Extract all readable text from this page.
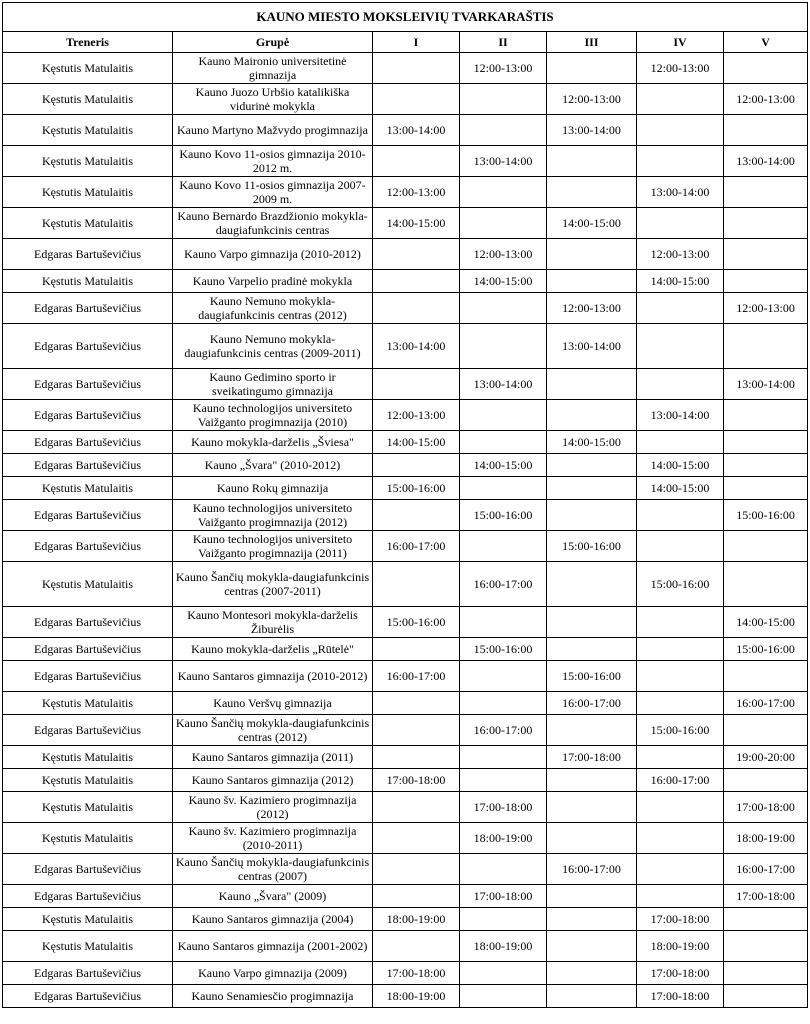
KAUNO MIESTO MOKSLEIVIŲ TVARKARAŠTIS						
Treneris	Grupė	I	II	III	IV	V
Kęstutis Matulaitis	Kauno Maironio universitetinė gimnazija		12:00-13:00		12:00-13:00	
Kęstutis Matulaitis	Kauno Juozo Urbšio katalikiška vidurinė mokykla			12:00-13:00		12:00-13:00
Kęstutis Matulaitis	Kauno Martyno Mažvydo progimnazija	13:00-14:00		13:00-14:00		
Kęstutis Matulaitis	Kauno Kovo 11-osios gimnazija 2010-2012 m.		13:00-14:00			13:00-14:00
Kęstutis Matulaitis	Kauno Kovo 11-osios gimnazija 2007-2009 m.	12:00-13:00			13:00-14:00	
Kęstutis Matulaitis	Kauno Bernardo Brazdžionio mokykla-daugiafunkcinis centras	14:00-15:00		14:00-15:00		
Edgaras Bartuševičius	Kauno Varpo gimnazija (2010-2012)		12:00-13:00		12:00-13:00	
Kęstutis Matulaitis	Kauno Varpelio pradinė mokykla		14:00-15:00		14:00-15:00	
Edgaras Bartuševičius	Kauno Nemuno mokykla-daugiafunkcinis centras (2012)			12:00-13:00		12:00-13:00
Edgaras Bartuševičius	Kauno Nemuno mokykla-daugiafunkcinis centras (2009-2011)	13:00-14:00		13:00-14:00		
Edgaras Bartuševičius	Kauno Gedimino sporto ir sveikatingumo gimnazija		13:00-14:00			13:00-14:00
Edgaras Bartuševičius	Kauno technologijos universiteto Vaižganto progimnazija (2010)	12:00-13:00			13:00-14:00	
Edgaras Bartuševičius	Kauno mokykla-darželis „Šviesa"	14:00-15:00		14:00-15:00		
Edgaras Bartuševičius	Kauno „Švara" (2010-2012)		14:00-15:00		14:00-15:00	
Kęstutis Matulaitis	Kauno Rokų gimnazija	15:00-16:00			14:00-15:00	
Edgaras Bartuševičius	Kauno technologijos universiteto Vaižganto progimnazija (2012)		15:00-16:00			15:00-16:00
Edgaras Bartuševičius	Kauno technologijos universiteto Vaižganto progimnazija (2011)	16:00-17:00		15:00-16:00		
Kęstutis Matulaitis	Kauno Šančių mokykla-daugiafunkcinis centras (2007-2011)		16:00-17:00		15:00-16:00	
Edgaras Bartuševičius	Kauno Montesori mokykla-darželis Žiburėlis	15:00-16:00				14:00-15:00
Edgaras Bartuševičius	Kauno mokykla-darželis „Rūtelė"		15:00-16:00			15:00-16:00
Edgaras Bartuševičius	Kauno Santaros gimnazija (2010-2012)	16:00-17:00		15:00-16:00		
Kęstutis Matulaitis	Kauno Veršvų gimnazija			16:00-17:00		16:00-17:00
Edgaras Bartuševičius	Kauno Šančių mokykla-daugiafunkcinis centras (2012)		16:00-17:00		15:00-16:00	
Kęstutis Matulaitis	Kauno Santaros gimnazija (2011)			17:00-18:00		19:00-20:00
Kęstutis Matulaitis	Kauno Santaros gimnazija (2012)	17:00-18:00			16:00-17:00	
Kęstutis Matulaitis	Kauno šv. Kazimiero progimnazija (2012)		17:00-18:00			17:00-18:00
Kęstutis Matulaitis	Kauno šv. Kazimiero progimnazija (2010-2011)		18:00-19:00			18:00-19:00
Edgaras Bartuševičius	Kauno Šančių mokykla-daugiafunkcinis centras (2007)			16:00-17:00		16:00-17:00
Edgaras Bartuševičius	Kauno „Švara" (2009)		17:00-18:00			17:00-18:00
Kęstutis Matulaitis	Kauno Santaros gimnazija (2004)	18:00-19:00			17:00-18:00	
Kęstutis Matulaitis	Kauno Santaros gimnazija (2001-2002)		18:00-19:00		18:00-19:00	
Edgaras Bartuševičius	Kauno Varpo gimnazija (2009)	17:00-18:00			17:00-18:00	
Edgaras Bartuševičius	Kauno Senamiesčio progimnazija	18:00-19:00			17:00-18:00	
